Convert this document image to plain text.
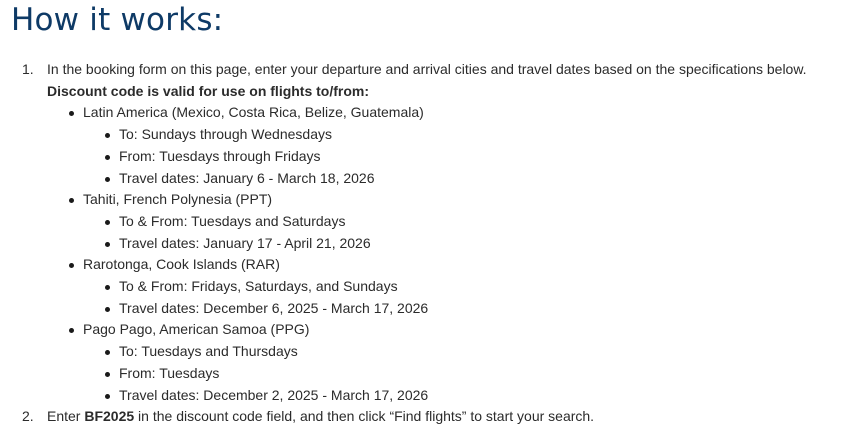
How it works:
1. In the booking form on this page, enter your departure and arrival cities and travel dates based on the specifications below.
Discount code is valid for use on flights to/from:
Latin America (Mexico, Costa Rica, Belize, Guatemala)
To: Sundays through Wednesdays
From: Tuesdays through Fridays
Travel dates: January 6 - March 18, 2026
Tahiti, French Polynesia (PPT)
To & From: Tuesdays and Saturdays
Travel dates: January 17 - April 21, 2026
Rarotonga, Cook Islands (RAR)
To & From: Fridays, Saturdays, and Sundays
Travel dates: December 6, 2025 - March 17, 2026
Pago Pago, American Samoa (PPG)
To: Tuesdays and Thursdays
From: Tuesdays
Travel dates: December 2, 2025 - March 17, 2026
2. Enter BF2025 in the discount code field, and then click “Find flights” to start your search.
